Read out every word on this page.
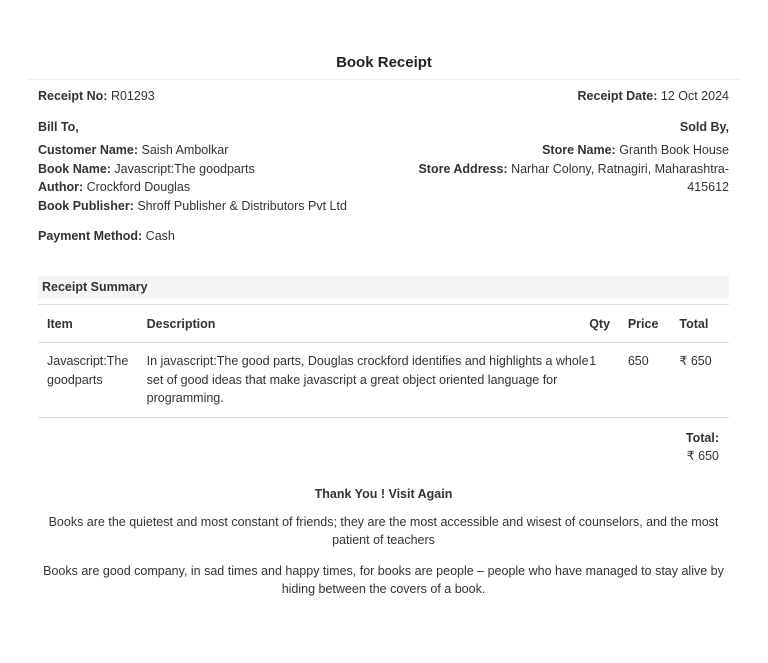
Book Receipt
Receipt No: R01293	Receipt Date: 12 Oct 2024
Bill To,
Customer Name: Saish Ambolkar
Book Name: Javascript:The goodparts
Author: Crockford Douglas
Book Publisher: Shroff Publisher & Distributors Pvt Ltd
Sold By,
Store Name: Granth Book House
Store Address: Narhar Colony, Ratnagiri, Maharashtra-415612
Payment Method: Cash
Receipt Summary
Item	Description	Qty	Price	Total
Javascript:The goodparts	In javascript:The good parts, Douglas crockford identifies and highlights a whole set of good ideas that make javascript a great object oriented language for programming.	1	650	₹ 650
Total:
₹ 650
Thank You ! Visit Again
Books are the quietest and most constant of friends; they are the most accessible and wisest of counselors, and the most patient of teachers
Books are good company, in sad times and happy times, for books are people – people who have managed to stay alive by hiding between the covers of a book.
